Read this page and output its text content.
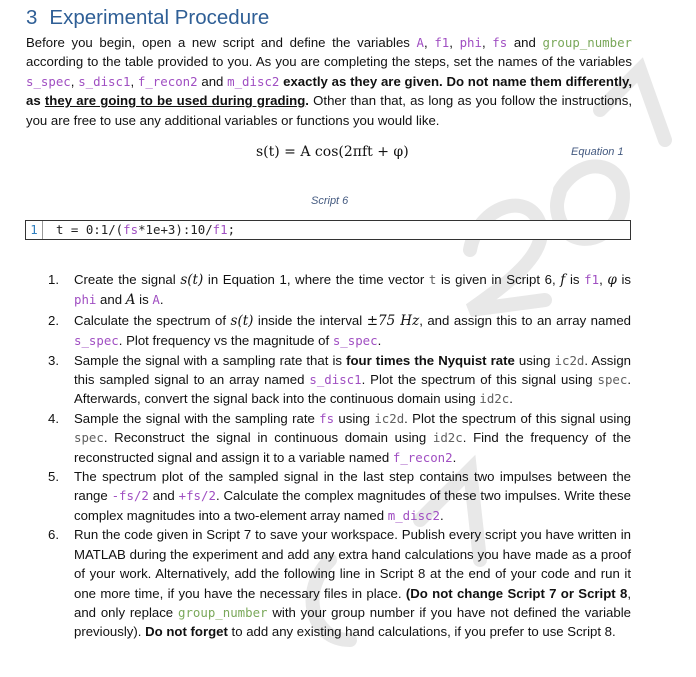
3 Experimental Procedure
Before you begin, open a new script and define the variables A, f1, phi, fs and group_number according to the table provided to you. As you are completing the steps, set the names of the variables s_spec, s_disc1, f_recon2 and m_disc2 exactly as they are given. Do not name them differently, as they are going to be used during grading. Other than that, as long as you follow the instructions, you are free to use any additional variables or functions you would like.
s(t) = A cos(2πft + φ)	Equation 1
Script 6
1	t = 0:1/(fs*1e+3):10/f1;
1. Create the signal s(t) in Equation 1, where the time vector t is given in Script 6, f is f1, φ is phi and A is A.
2. Calculate the spectrum of s(t) inside the interval ±75 Hz, and assign this to an array named s_spec. Plot frequency vs the magnitude of s_spec.
3. Sample the signal with a sampling rate that is four times the Nyquist rate using ic2d. Assign this sampled signal to an array named s_disc1. Plot the spectrum of this signal using spec. Afterwards, convert the signal back into the continuous domain using id2c.
4. Sample the signal with the sampling rate fs using ic2d. Plot the spectrum of this signal using spec. Reconstruct the signal in continuous domain using id2c. Find the frequency of the reconstructed signal and assign it to a variable named f_recon2.
5. The spectrum plot of the sampled signal in the last step contains two impulses between the range -fs/2 and +fs/2. Calculate the complex magnitudes of these two impulses. Write these complex magnitudes into a two-element array named m_disc2.
6. Run the code given in Script 7 to save your workspace. Publish every script you have written in MATLAB during the experiment and add any extra hand calculations you have made as a proof of your work. Alternatively, add the following line in Script 8 at the end of your code and run it one more time, if you have the necessary files in place. (Do not change Script 7 or Script 8, and only replace group_number with your group number if you have not defined the variable previously). Do not forget to add any existing hand calculations, if you prefer to use Script 8.
